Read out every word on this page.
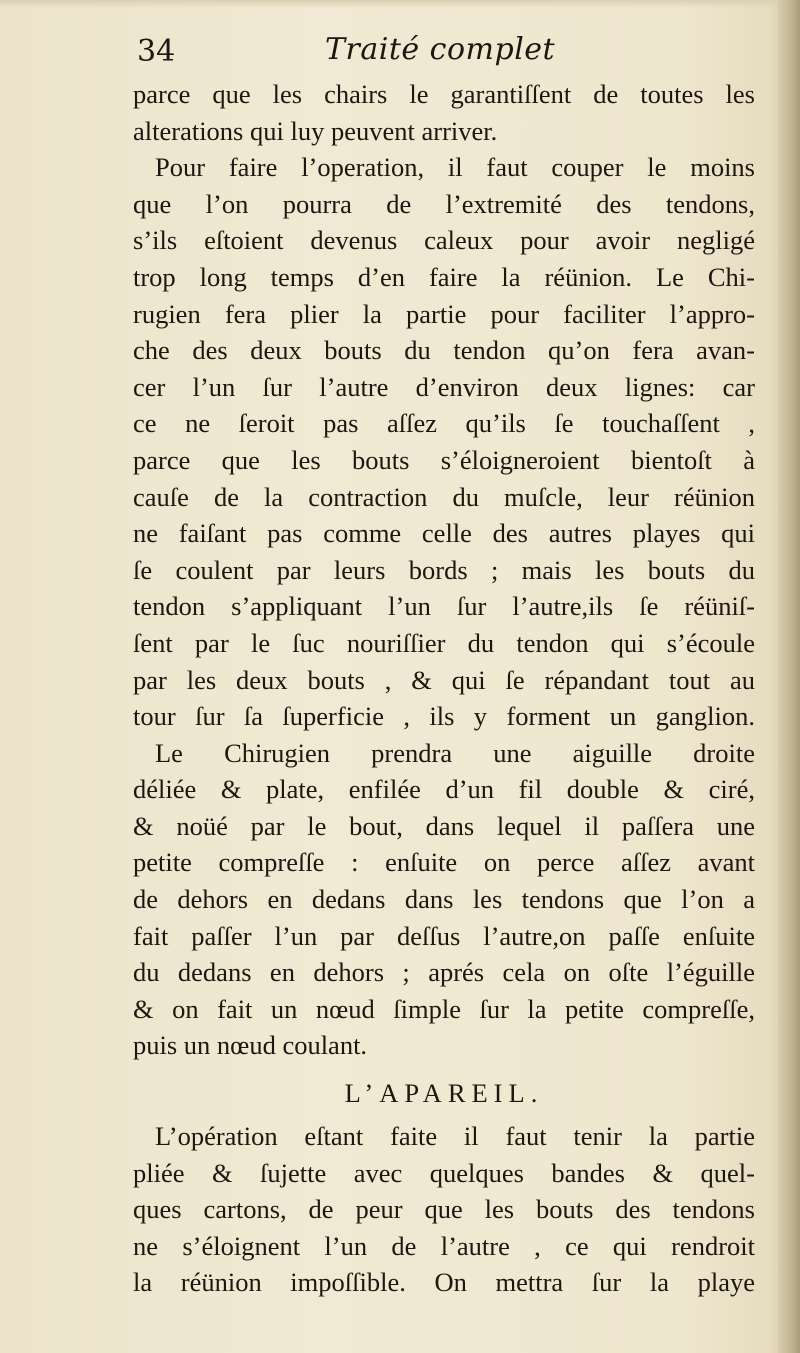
34	Traité complet
parce que les chairs le garantiſſent de toutes les
alterations qui luy peuvent arriver.
Pour faire l’operation, il faut couper le moins
que l’on pourra de l’extremité des tendons,
s’ils eſtoient devenus caleux pour avoir negligé
trop long temps d’en faire la réünion. Le Chi-
rugien fera plier la partie pour faciliter l’appro-
che des deux bouts du tendon qu’on fera avan-
cer l’un ſur l’autre d’environ deux lignes: car
ce ne ſeroit pas aſſez qu’ils ſe touchaſſent ,
parce que les bouts s’éloigneroient bientoſt à
cauſe de la contraction du muſcle, leur réünion
ne faiſant pas comme celle des autres playes qui
ſe coulent par leurs bords ; mais les bouts du
tendon s’appliquant l’un ſur l’autre,ils ſe réüniſ-
ſent par le ſuc nouriſſier du tendon qui s’écoule
par les deux bouts , & qui ſe répandant tout au
tour ſur ſa ſuperficie , ils y forment un ganglion.
Le Chirugien prendra une aiguille droite
déliée & plate, enfilée d’un fil double & ciré,
& noüé par le bout, dans lequel il paſſera une
petite compreſſe : enſuite on perce aſſez avant
de dehors en dedans dans les tendons que l’on a
fait paſſer l’un par deſſus l’autre,on paſſe enſuite
du dedans en dehors ; aprés cela on oſte l’éguille
& on fait un nœud ſimple ſur la petite compreſſe,
puis un nœud coulant.
L’APAREIL.
L’opération eſtant faite il faut tenir la partie
pliée & ſujette avec quelques bandes & quel-
ques cartons, de peur que les bouts des tendons
ne s’éloignent l’un de l’autre , ce qui rendroit
la réünion impoſſible. On mettra ſur la playe
